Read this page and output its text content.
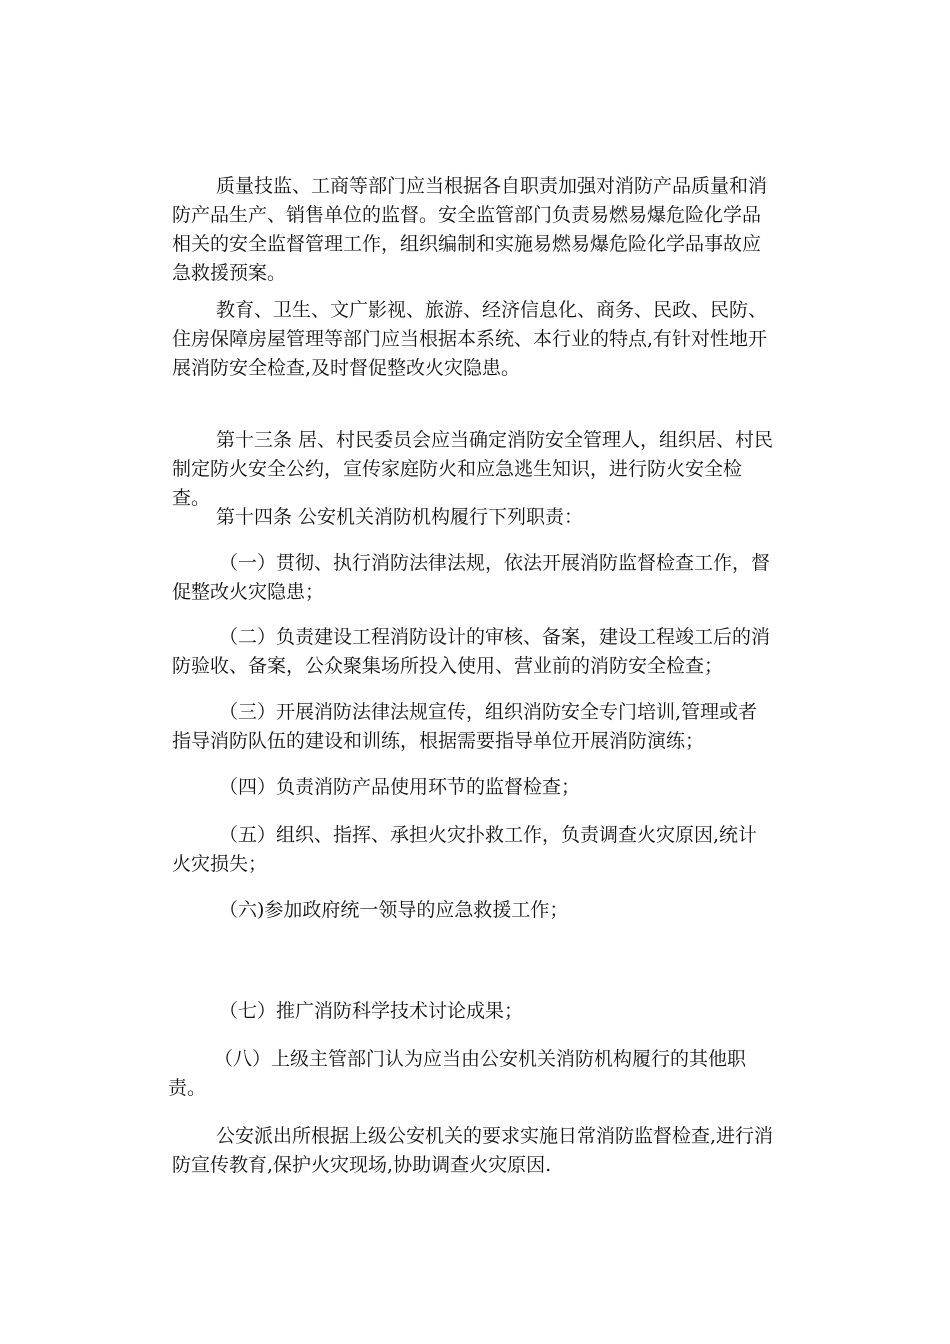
质量技监、工商等部门应当根据各自职责加强对消防产品质量和消防产品生产、销售单位的监督。安全监管部门负责易燃易爆危险化学品相关的安全监督管理工作，组织编制和实施易燃易爆危险化学品事故应急救援预案。

教育、卫生、文广影视、旅游、经济信息化、商务、民政、民防、住房保障房屋管理等部门应当根据本系统、本行业的特点,有针对性地开展消防安全检查,及时督促整改火灾隐患。

第十三条 居、村民委员会应当确定消防安全管理人，组织居、村民制定防火安全公约，宣传家庭防火和应急逃生知识，进行防火安全检查。

第十四条 公安机关消防机构履行下列职责：

（一）贯彻、执行消防法律法规，依法开展消防监督检查工作，督促整改火灾隐患；

（二）负责建设工程消防设计的审核、备案，建设工程竣工后的消防验收、备案，公众聚集场所投入使用、营业前的消防安全检查；

（三）开展消防法律法规宣传，组织消防安全专门培训,管理或者指导消防队伍的建设和训练，根据需要指导单位开展消防演练；

（四）负责消防产品使用环节的监督检查；

（五）组织、指挥、承担火灾扑救工作，负责调查火灾原因,统计火灾损失；

（六)参加政府统一领导的应急救援工作；

（七）推广消防科学技术讨论成果；

（八）上级主管部门认为应当由公安机关消防机构履行的其他职责。

公安派出所根据上级公安机关的要求实施日常消防监督检查,进行消防宣传教育,保护火灾现场,协助调查火灾原因.
